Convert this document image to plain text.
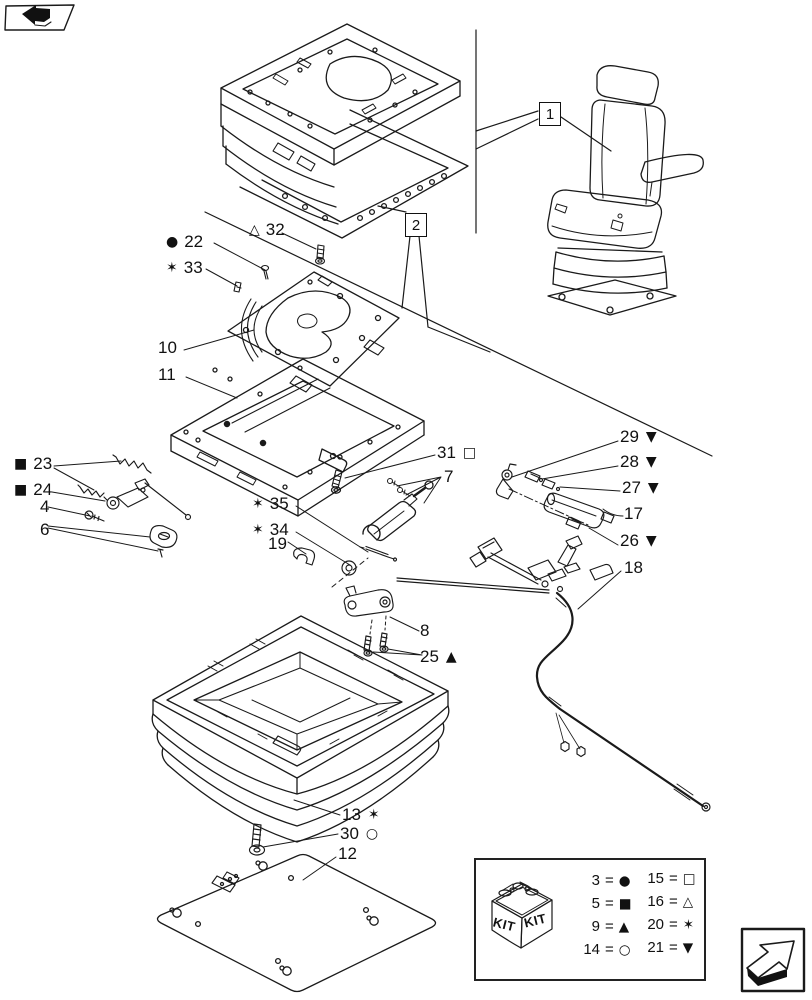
1
2
● 22
✶ 33
△ 32
10
11
■ 23
■ 24
4
6
31 □
7
✶ 35
✶ 34
19
29 ▼
28 ▼
27 ▼
17
26 ▼
18
8
25 ▲
13 ✶
30 ○
12
KIT KIT
3 = ●
5 = ■
9 = ▲
14 = ○
15 = □
16 = △
20 = ✶
21 = ▼
